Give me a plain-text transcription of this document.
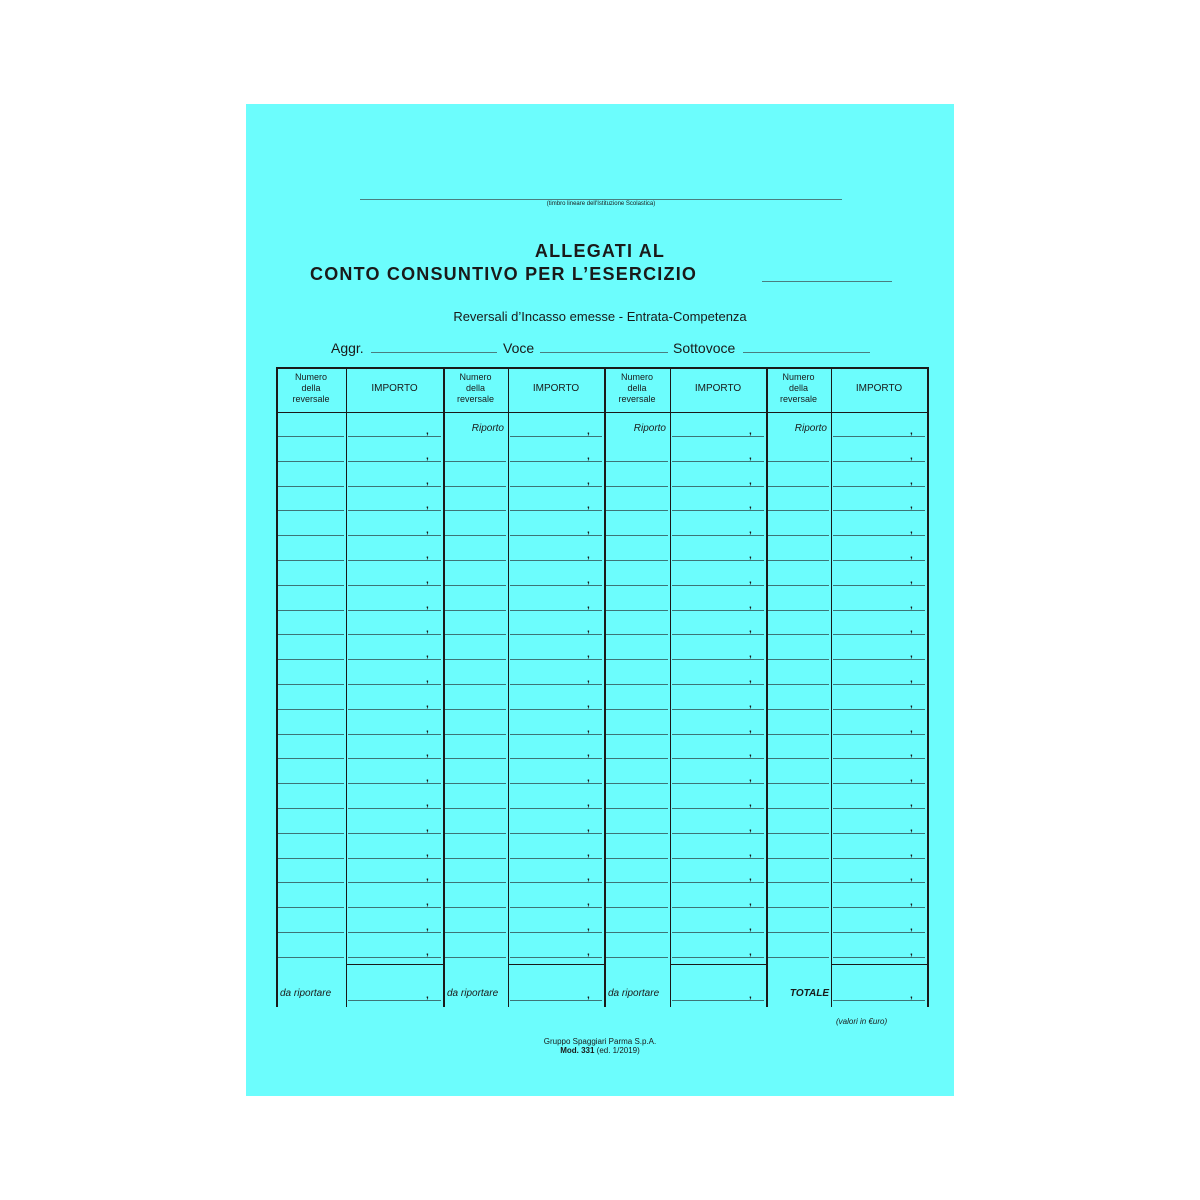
(timbro lineare dell'Istituzione Scolastica)
ALLEGATI AL
CONTO CONSUNTIVO PER L’ESERCIZIO
Reversali d’Incasso emesse - Entrata-Competenza
Aggr.	Voce	Sottovoce
Numero
della
reversale
IMPORTO
,
,
,
,
,
,
,
,
,
,
,
,
,
,
,
,
,
,
,
,
,
,
,
da riportare
Numero
della
reversale
IMPORTO
,
,
,
,
,
,
,
,
,
,
,
,
,
,
,
,
,
,
,
,
,
,
Riporto
,
da riportare
Numero
della
reversale
IMPORTO
,
,
,
,
,
,
,
,
,
,
,
,
,
,
,
,
,
,
,
,
,
,
Riporto
,
da riportare
Numero
della
reversale
IMPORTO
,
,
,
,
,
,
,
,
,
,
,
,
,
,
,
,
,
,
,
,
,
,
Riporto
,
TOTALE
(valori in €uro)
Gruppo Spaggiari Parma S.p.A.
Mod. 331 (ed. 1/2019)
